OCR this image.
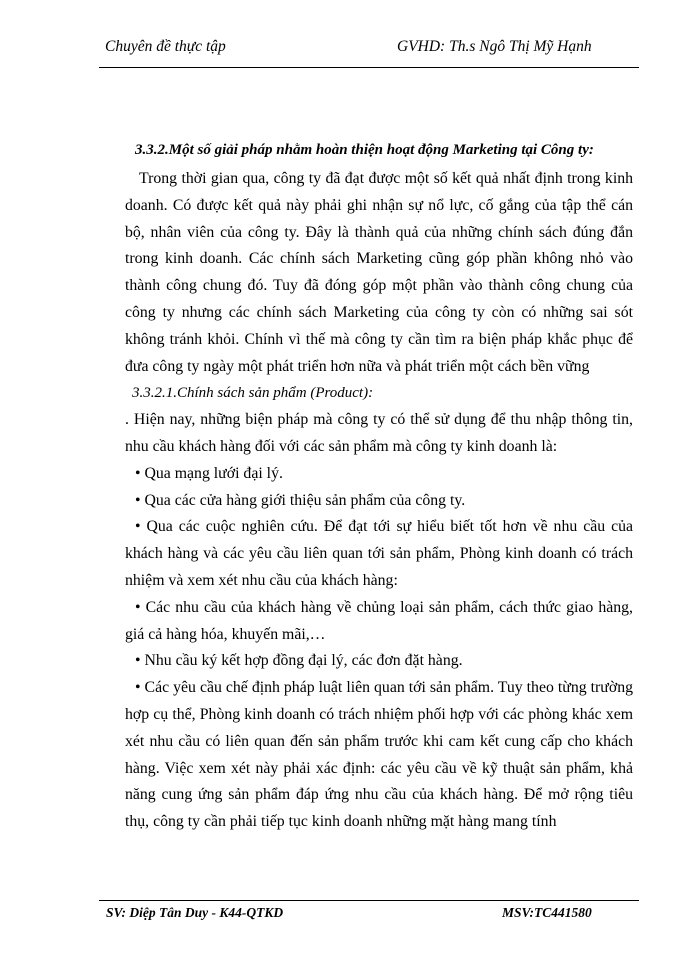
Chuyên đề thực tập	GVHD: Th.s Ngô Thị Mỹ Hạnh
3.3.2.Một số giải pháp nhằm hoàn thiện hoạt động Marketing tại Công ty:

Trong thời gian qua, công ty đã đạt được một số kết quả nhất định trong kinh doanh. Có được kết quả này phải ghi nhận sự nổ lực, cố gắng của tập thể cán bộ, nhân viên của công ty. Đây là thành quả của những chính sách đúng đắn trong kinh doanh. Các chính sách Marketing cũng góp phần không nhỏ vào thành công chung đó. Tuy đã đóng góp một phần vào thành công chung của công ty nhưng các chính sách Marketing của công ty còn có những sai sót không tránh khỏi. Chính vì thế mà công ty cần tìm ra biện pháp khắc phục để đưa công ty ngày một phát triển hơn nữa và phát triển một cách bền vững

3.3.2.1.Chính sách sản phẩm (Product):

. Hiện nay, những biện pháp mà công ty có thể sử dụng để thu nhập thông tin, nhu cầu khách hàng đối với các sản phẩm mà công ty kinh doanh là:

• Qua mạng lưới đại lý.

• Qua các cửa hàng giới thiệu sản phẩm của công ty.

• Qua các cuộc nghiên cứu. Để đạt tới sự hiểu biết tốt hơn về nhu cầu của khách hàng và các yêu cầu liên quan tới sản phẩm, Phòng kinh doanh có trách nhiệm và xem xét nhu cầu của khách hàng:

• Các nhu cầu của khách hàng về chủng loại sản phẩm, cách thức giao hàng, giá cả hàng hóa, khuyến mãi,…

• Nhu cầu ký kết hợp đồng đại lý, các đơn đặt hàng.

• Các yêu cầu chế định pháp luật liên quan tới sản phẩm. Tuy theo từng trường hợp cụ thể, Phòng kinh doanh có trách nhiệm phối hợp với các phòng khác xem xét nhu cầu có liên quan đến sản phẩm trước khi cam kết cung cấp cho khách hàng. Việc xem xét này phải xác định: các yêu cầu về kỹ thuật sản phẩm, khả năng cung ứng sản phẩm đáp ứng nhu cầu của khách hàng. Để mở rộng tiêu thụ, công ty cần phải tiếp tục kinh doanh những mặt hàng mang tính

SV: Diệp Tân Duy - K44-QTKD	MSV:TC441580
